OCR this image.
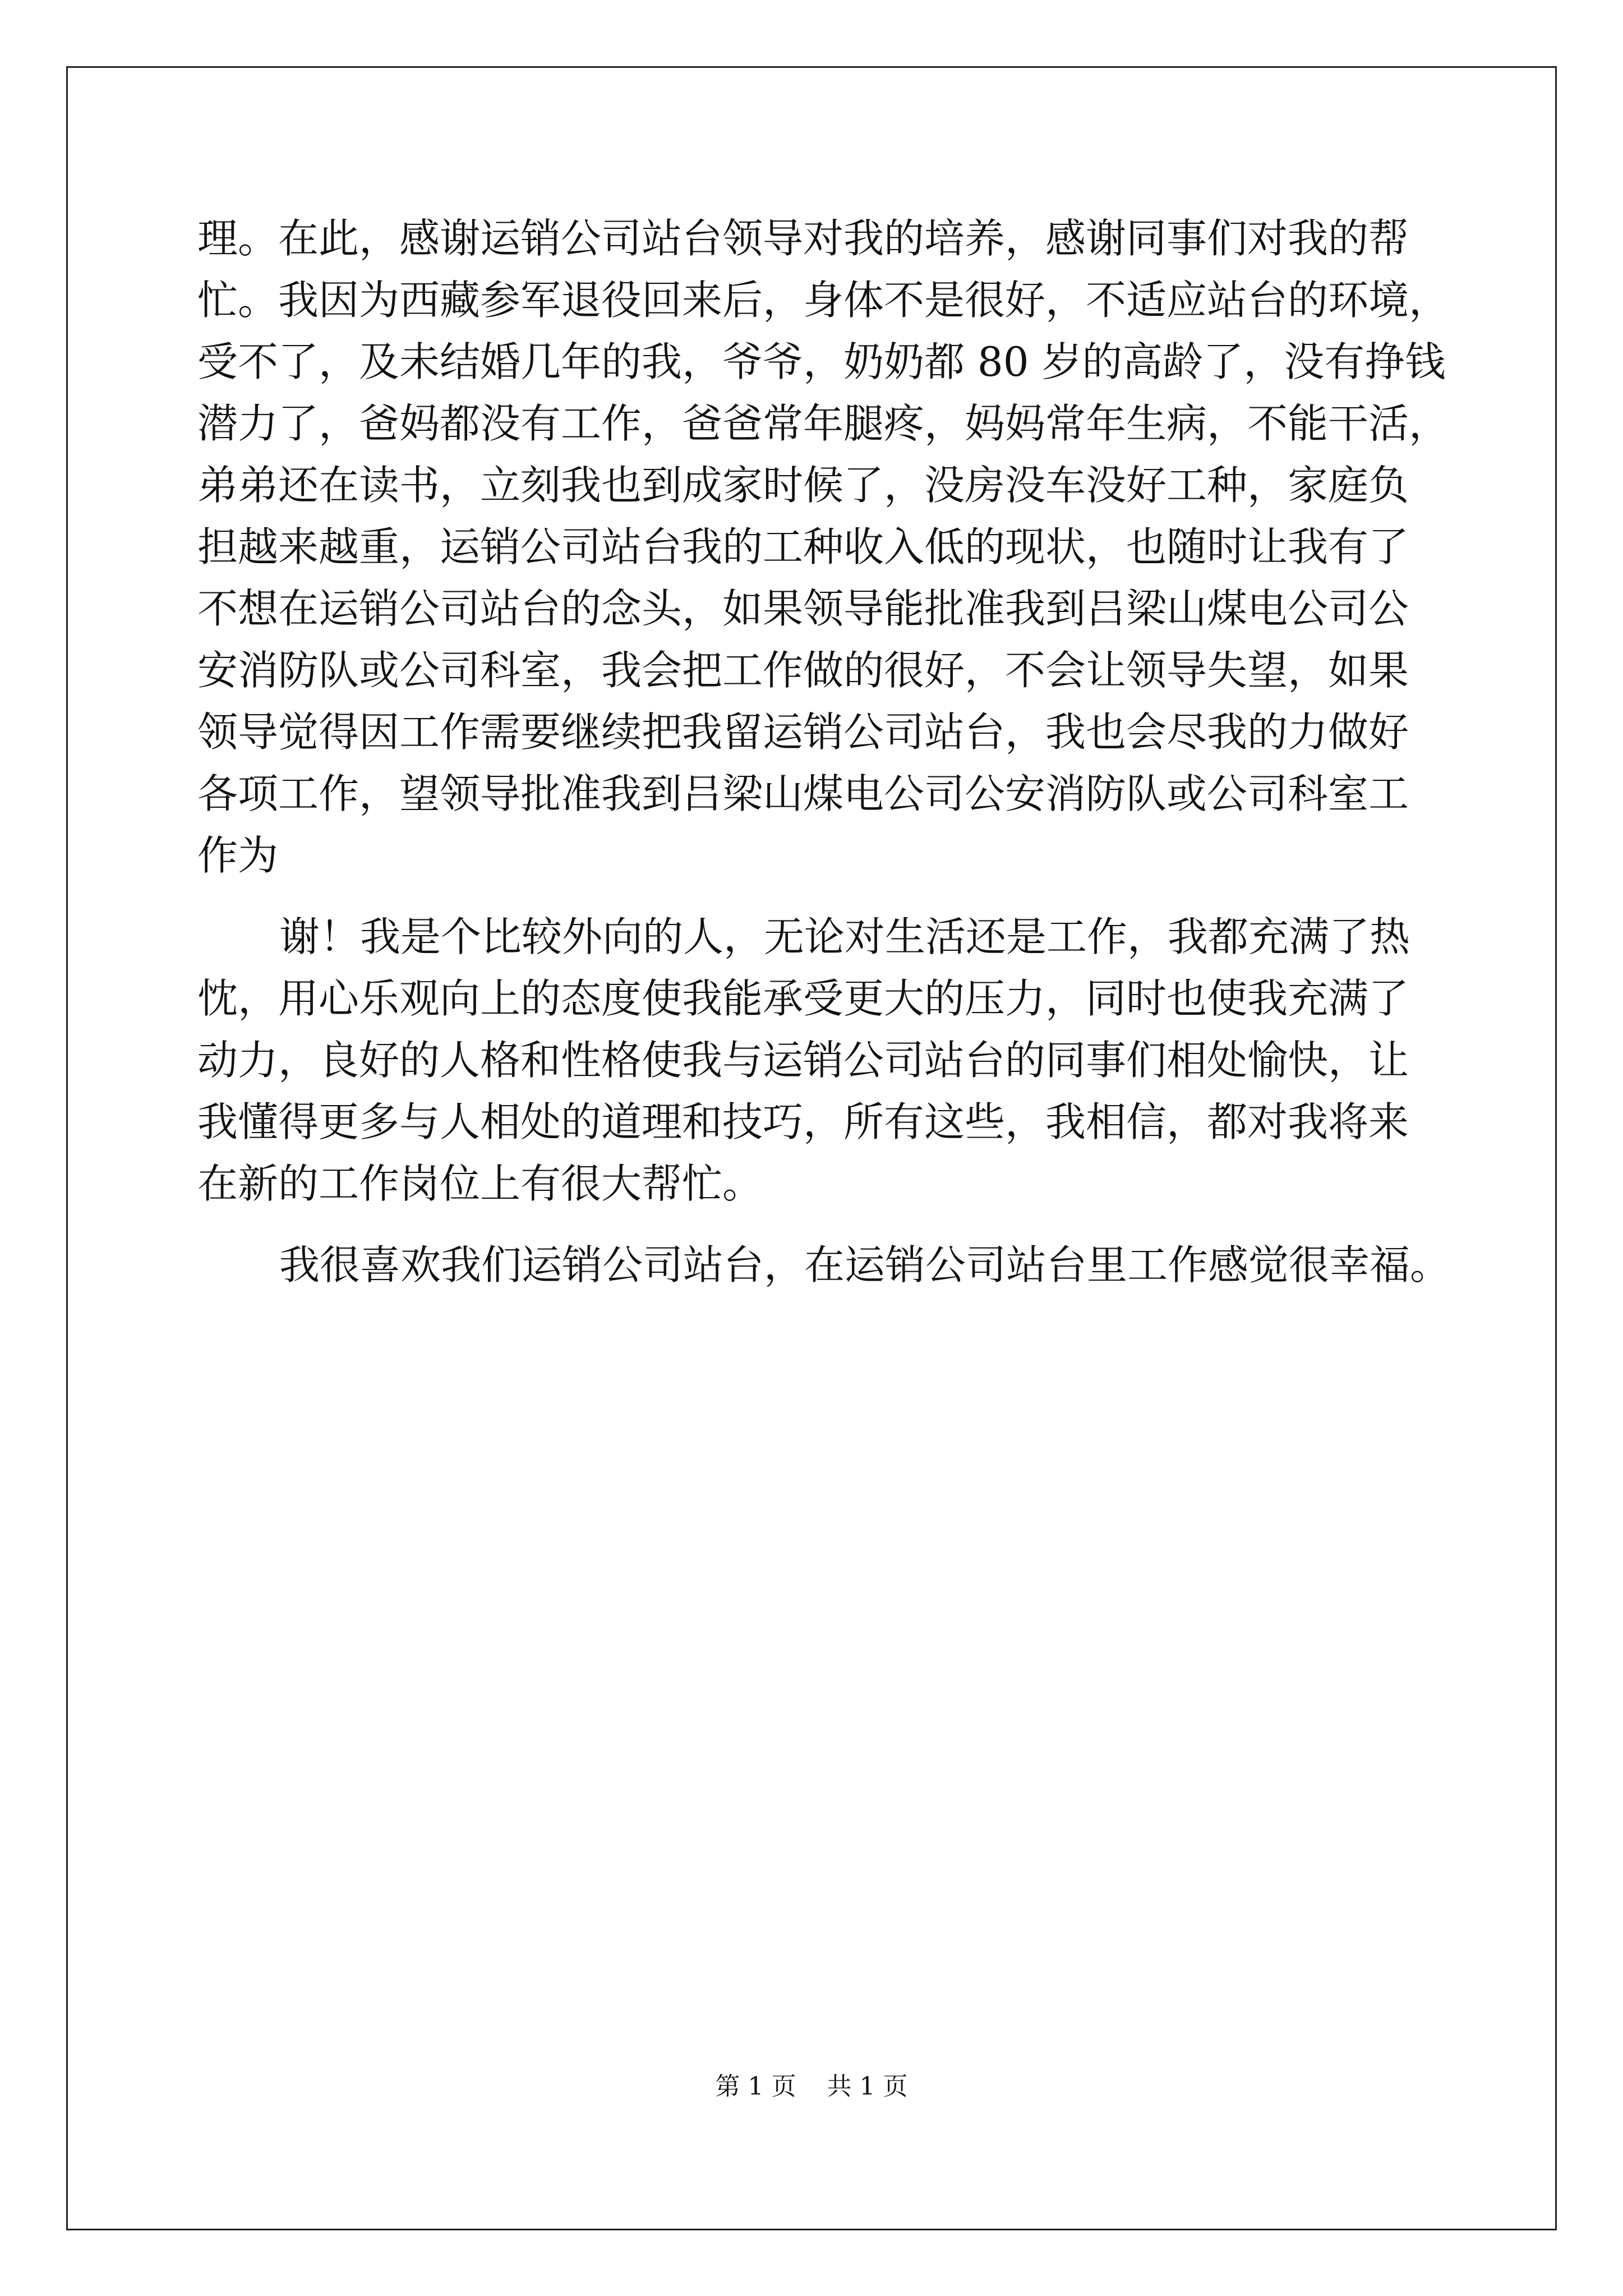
理。在此，感谢运销公司站台领导对我的培养，感谢同事们对我的帮
忙。我因为西藏参军退役回来后，身体不是很好，不适应站台的环境，
受不了，及未结婚几年的我，爷爷，奶奶都 80 岁的高龄了，没有挣钱
潜力了，爸妈都没有工作，爸爸常年腿疼，妈妈常年生病，不能干活，
弟弟还在读书，立刻我也到成家时候了，没房没车没好工种，家庭负
担越来越重，运销公司站台我的工种收入低的现状，也随时让我有了
不想在运销公司站台的念头，如果领导能批准我到吕梁山煤电公司公
安消防队或公司科室，我会把工作做的很好，不会让领导失望，如果
领导觉得因工作需要继续把我留运销公司站台，我也会尽我的力做好
各项工作，望领导批准我到吕梁山煤电公司公安消防队或公司科室工
作为
谢！我是个比较外向的人，无论对生活还是工作，我都充满了热
忱，用心乐观向上的态度使我能承受更大的压力，同时也使我充满了
动力，良好的人格和性格使我与运销公司站台的同事们相处愉快，让
我懂得更多与人相处的道理和技巧，所有这些，我相信，都对我将来
在新的工作岗位上有很大帮忙。
我很喜欢我们运销公司站台，在运销公司站台里工作感觉很幸福。
第 1 页 共 1 页
